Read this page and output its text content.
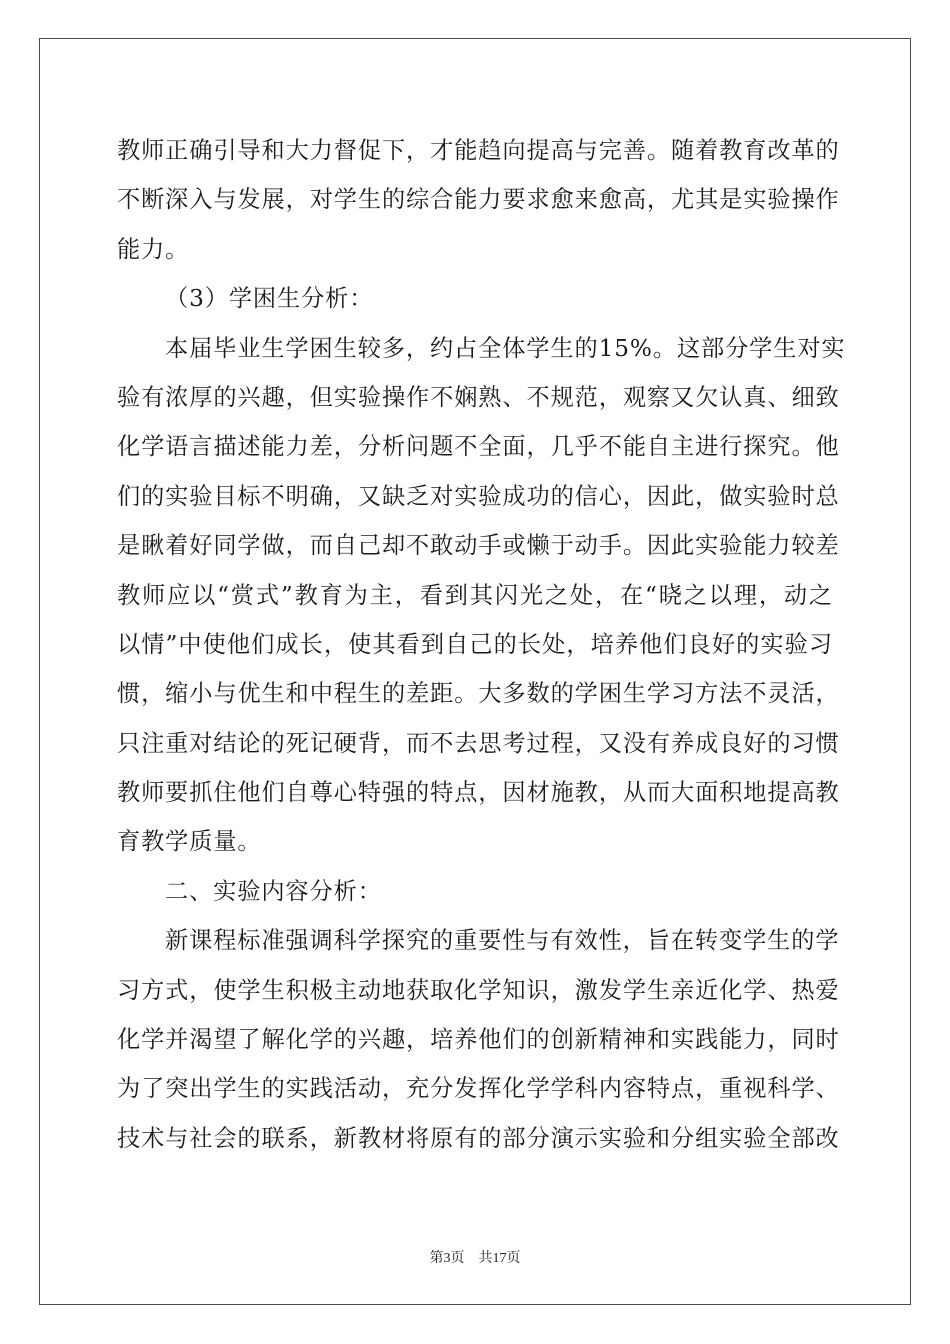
教师正确引导和大力督促下，才能趋向提高与完善。随着教育改革的
不断深入与发展，对学生的综合能力要求愈来愈高，尤其是实验操作
能力。
（3）学困生分析：
本届毕业生学困生较多，约占全体学生的15%。这部分学生对实
验有浓厚的兴趣，但实验操作不娴熟、不规范，观察又欠认真、细致
化学语言描述能力差，分析问题不全面，几乎不能自主进行探究。他
们的实验目标不明确，又缺乏对实验成功的信心，因此，做实验时总
是瞅着好同学做，而自己却不敢动手或懒于动手。因此实验能力较差
教师应以“赏式”教育为主，看到其闪光之处，在“晓之以理，动之
以情”中使他们成长，使其看到自己的长处，培养他们良好的实验习
惯，缩小与优生和中程生的差距。大多数的学困生学习方法不灵活，
只注重对结论的死记硬背，而不去思考过程，又没有养成良好的习惯
教师要抓住他们自尊心特强的特点，因材施教，从而大面积地提高教
育教学质量。
二、实验内容分析：
新课程标准强调科学探究的重要性与有效性，旨在转变学生的学
习方式，使学生积极主动地获取化学知识，激发学生亲近化学、热爱
化学并渴望了解化学的兴趣，培养他们的创新精神和实践能力，同时
为了突出学生的实践活动，充分发挥化学学科内容特点，重视科学、
技术与社会的联系，新教材将原有的部分演示实验和分组实验全部改
第3页　共17页
